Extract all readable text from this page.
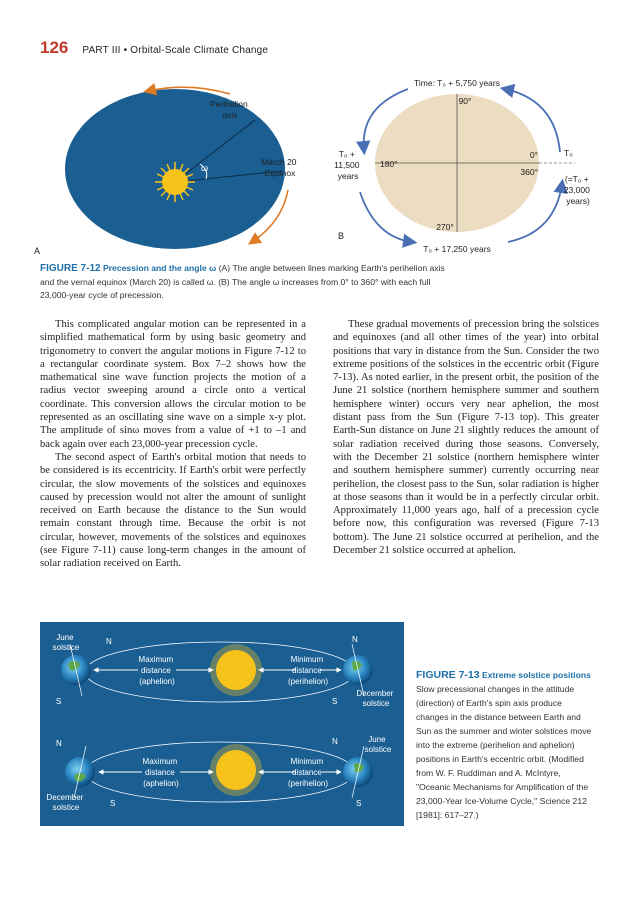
126 PART III • Orbital-Scale Climate Change
Perihelion axis
March 20 Equinox
ω
A
Time: T₀ + 5,750 years
90°
180°
0°
360°
270°
T₀ + 11,500 years
T₀
(=T₀ + 23,000 years)
T₀ + 17,250 years
B
FIGURE 7-12 Precession and the angle ω (A) The angle between lines marking Earth's perihelion axis and the vernal equinox (March 20) is called ω. (B) The angle ω increases from 0° to 360° with each full 23,000-year cycle of precession.

This complicated angular motion can be represented in a simplified mathematical form by using basic geometry and trigonometry to convert the angular motions in Figure 7-12 to a rectangular coordinate system. Box 7–2 shows how the mathematical sine wave function projects the motion of a radius vector sweeping around a circle onto a vertical coordinate. This conversion allows the circular motion to be represented as an oscillating sine wave on a simple x-y plot. The amplitude of sinω moves from a value of +1 to –1 and back again over each 23,000-year precession cycle.

The second aspect of Earth's orbital motion that needs to be considered is its eccentricity. If Earth's orbit were perfectly circular, the slow movements of the solstices and equinoxes caused by precession would not alter the amount of sunlight received on Earth because the distance to the Sun would remain constant through time. Because the orbit is not circular, however, movements of the solstices and equinoxes (see Figure 7-11) cause long-term changes in the amount of solar radiation received on Earth.

These gradual movements of precession bring the solstices and equinoxes (and all other times of the year) into orbital positions that vary in distance from the Sun. Consider the two extreme positions of the solstices in the eccentric orbit (Figure 7-13). As noted earlier, in the present orbit, the position of the June 21 solstice (northern hemisphere summer and southern hemisphere winter) occurs very near aphelion, the most distant pass from the Sun (Figure 7-13 top). This greater Earth-Sun distance on June 21 slightly reduces the amount of solar radiation received during those seasons. Conversely, with the December 21 solstice (northern hemisphere winter and southern hemisphere summer) currently occurring near perihelion, the closest pass to the Sun, solar radiation is higher at those seasons than it would be in a perfectly circular orbit. Approximately 11,000 years ago, half of a precession cycle before now, this configuration was reversed (Figure 7-13 bottom). The June 21 solstice occurred at perihelion, and the December 21 solstice occurred at aphelion.

Maximum distance (aphelion)
Minimum distance (perihelion)
June solstice
December solstice
N
S
N
S
Maximum distance (aphelion)
Minimum distance (perihelion)
June solstice
December solstice
N
S
N
S
FIGURE 7-13 Extreme solstice positions Slow precessional changes in the attitude (direction) of Earth's spin axis produce changes in the distance between Earth and Sun as the summer and winter solstices move into the extreme (perihelion and aphelion) positions in Earth's eccentric orbit. (Modified from W. F. Ruddiman and A. McIntyre, "Oceanic Mechanisms for Amplification of the 23,000-Year Ice-Volume Cycle," Science 212 [1981]: 617–27.)
